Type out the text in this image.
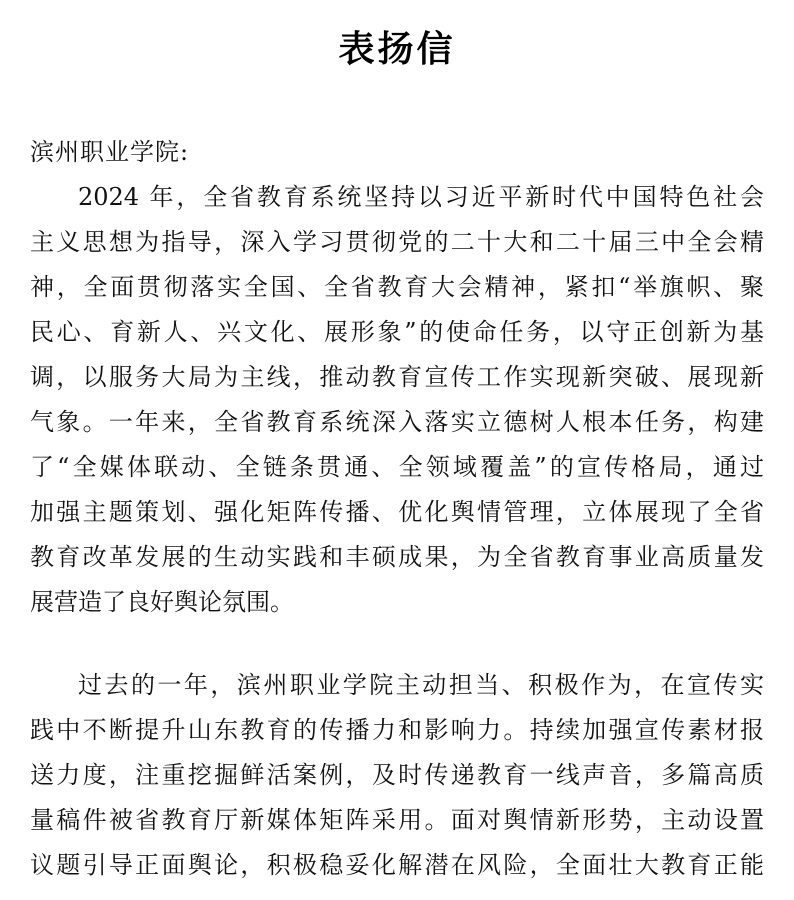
表扬信
滨州职业学院:
2024 年，全省教育系统坚持以习近平新时代中国特色社会
主义思想为指导，深入学习贯彻党的二十大和二十届三中全会精
神，全面贯彻落实全国、全省教育大会精神，紧扣“举旗帜、聚
民心、育新人、兴文化、展形象”的使命任务，以守正创新为基
调，以服务大局为主线，推动教育宣传工作实现新突破、展现新
气象。一年来，全省教育系统深入落实立德树人根本任务，构建
了“全媒体联动、全链条贯通、全领域覆盖”的宣传格局，通过
加强主题策划、强化矩阵传播、优化舆情管理，立体展现了全省
教育改革发展的生动实践和丰硕成果，为全省教育事业高质量发
展营造了良好舆论氛围。
过去的一年，滨州职业学院主动担当、积极作为，在宣传实
践中不断提升山东教育的传播力和影响力。持续加强宣传素材报
送力度，注重挖掘鲜活案例，及时传递教育一线声音，多篇高质
量稿件被省教育厅新媒体矩阵采用。面对舆情新形势，主动设置
议题引导正面舆论，积极稳妥化解潜在风险，全面壮大教育正能
